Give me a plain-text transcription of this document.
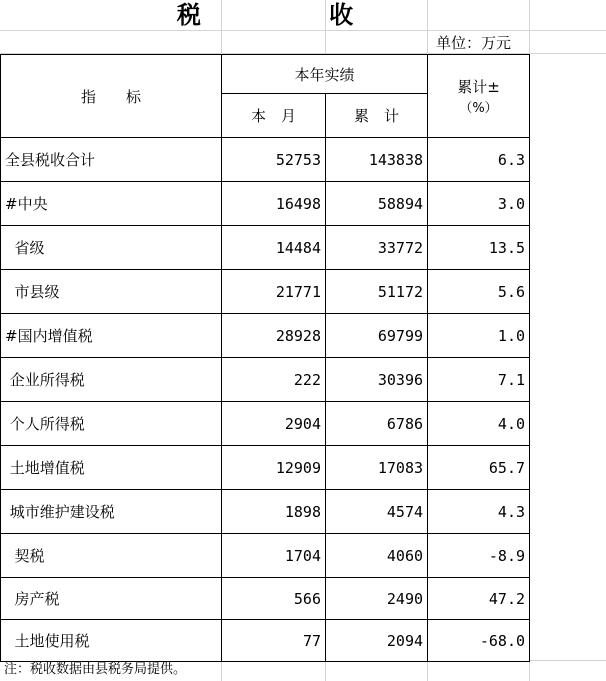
税 收
单位：万元
指　　标	本年实绩		累计±
（%）

	本　月	累　计	
全县税收合计	52753	143838	6.3
#中央	16498	58894	3.0
省级	14484	33772	13.5
市县级	21771	51172	5.6
#国内增值税	28928	69799	1.0
企业所得税	222	30396	7.1
个人所得税	2904	6786	4.0
土地增值税	12909	17083	65.7
城市维护建设税	1898	4574	4.3
契税	1704	4060	-8.9
房产税	566	2490	47.2
土地使用税	77	2094	-68.0
注：税收数据由县税务局提供。
